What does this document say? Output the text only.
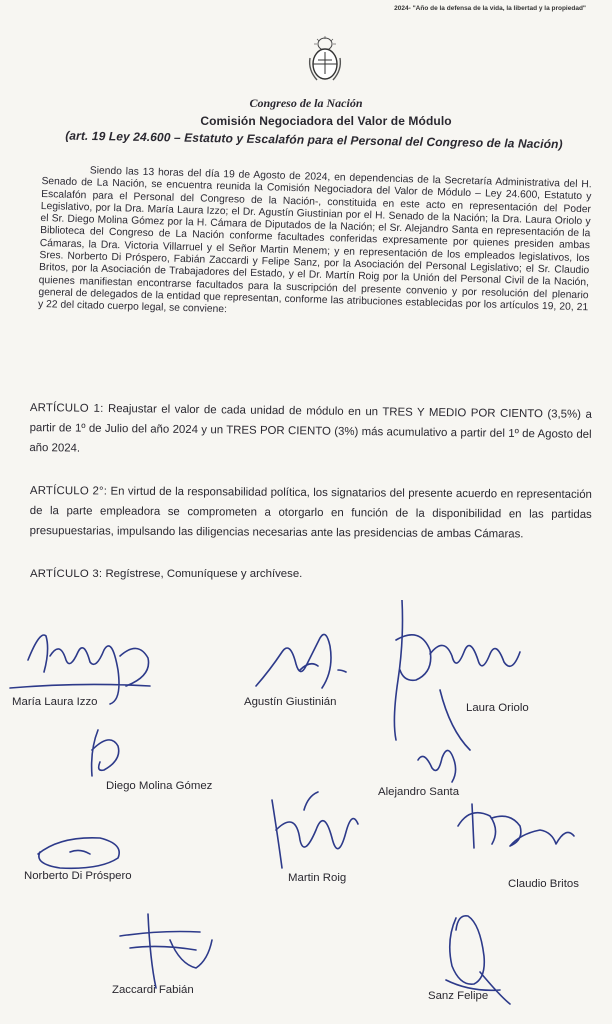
2024- "Año de la defensa de la vida, la libertad y la propiedad"
Congreso de la Nación
Comisión Negociadora del Valor de Módulo
(art. 19 Ley 24.600 – Estatuto y Escalafón para el Personal del Congreso de la Nación)
Siendo las 13 horas del día 19 de Agosto de 2024, en dependencias de la Secretaría Administrativa del H. Senado de La Nación, se encuentra reunida la Comisión Negociadora del Valor de Módulo – Ley 24.600, Estatuto y Escalafón para el Personal del Congreso de la Nación-, constituida en este acto en representación del Poder Legislativo, por la Dra. María Laura Izzo; el Dr. Agustín Giustinian por el H. Senado de la Nación; la Dra. Laura Oriolo y el Sr. Diego Molina Gómez por la H. Cámara de Diputados de la Nación; el Sr. Alejandro Santa en representación de la Biblioteca del Congreso de La Nación conforme facultades conferidas expresamente por quienes presiden ambas Cámaras, la Dra. Victoria Villarruel y el Señor Martin Menem; y en representación de los empleados legislativos, los Sres. Norberto Di Próspero, Fabián Zaccardi y Felipe Sanz, por la Asociación del Personal Legislativo; el Sr. Claudio Britos, por la Asociación de Trabajadores del Estado, y el Dr. Martín Roig por la Unión del Personal Civil de la Nación, quienes manifiestan encontrarse facultados para la suscripción del presente convenio y por resolución del plenario general de delegados de la entidad que representan, conforme las atribuciones establecidas por los artículos 19, 20, 21 y 22 del citado cuerpo legal, se conviene:
ARTÍCULO 1: Reajustar el valor de cada unidad de módulo en un TRES Y MEDIO POR CIENTO (3,5%) a partir de 1º de Julio del año 2024 y un TRES POR CIENTO (3%) más acumulativo a partir del 1º de Agosto del año 2024.
ARTÍCULO 2°: En virtud de la responsabilidad política, los signatarios del presente acuerdo en representación de la parte empleadora se comprometen a otorgarlo en función de la disponibilidad en las partidas presupuestarias, impulsando las diligencias necesarias ante las presidencias de ambas Cámaras.
ARTÍCULO 3: Regístrese, Comuníquese y archívese.
María Laura Izzo	Agustín Giustinián	Laura Oriolo
Diego Molina Gómez	Alejandro Santa
Norberto Di Próspero	Martin Roig	Claudio Britos
Zaccardi Fabián	Sanz Felipe
